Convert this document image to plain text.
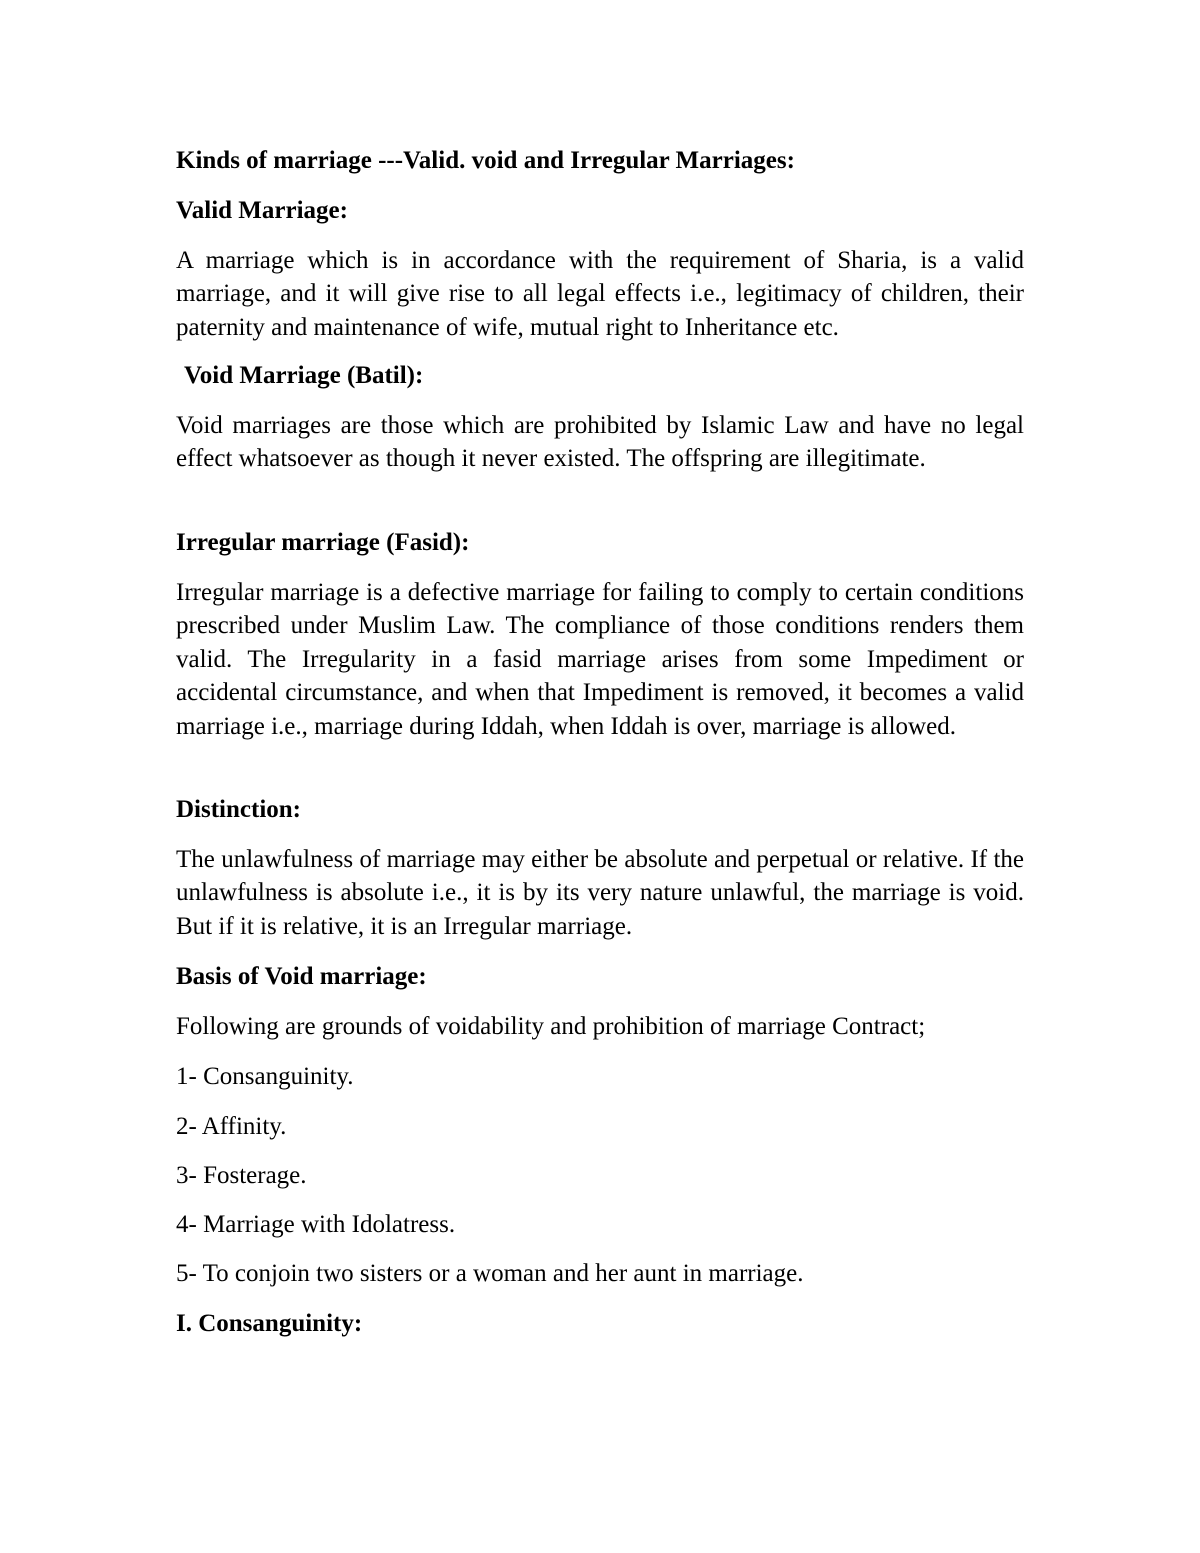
Kinds of marriage ---Valid. void and Irregular Marriages:
Valid Marriage:

A marriage which is in accordance with the requirement of Sharia, is a valid marriage, and it will give rise to all legal effects i.e., legitimacy of children, their paternity and maintenance of wife, mutual right to Inheritance etc.

Void Marriage (Batil):

Void marriages are those which are prohibited by Islamic Law and have no legal effect whatsoever as though it never existed. The offspring are illegitimate.

Irregular marriage (Fasid):

Irregular marriage is a defective marriage for failing to comply to certain conditions prescribed under Muslim Law. The compliance of those conditions renders them valid. The Irregularity in a fasid marriage arises from some Impediment or accidental circumstance, and when that Impediment is removed, it becomes a valid marriage i.e., marriage during Iddah, when Iddah is over, marriage is allowed.

Distinction:

The unlawfulness of marriage may either be absolute and perpetual or relative. If the unlawfulness is absolute i.e., it is by its very nature unlawful, the marriage is void. But if it is relative, it is an Irregular marriage.

Basis of Void marriage:

Following are grounds of voidability and prohibition of marriage Contract;

1- Consanguinity.
2- Affinity.
3- Fosterage.
4- Marriage with Idolatress.
5- To conjoin two sisters or a woman and her aunt in marriage.
I. Consanguinity:
